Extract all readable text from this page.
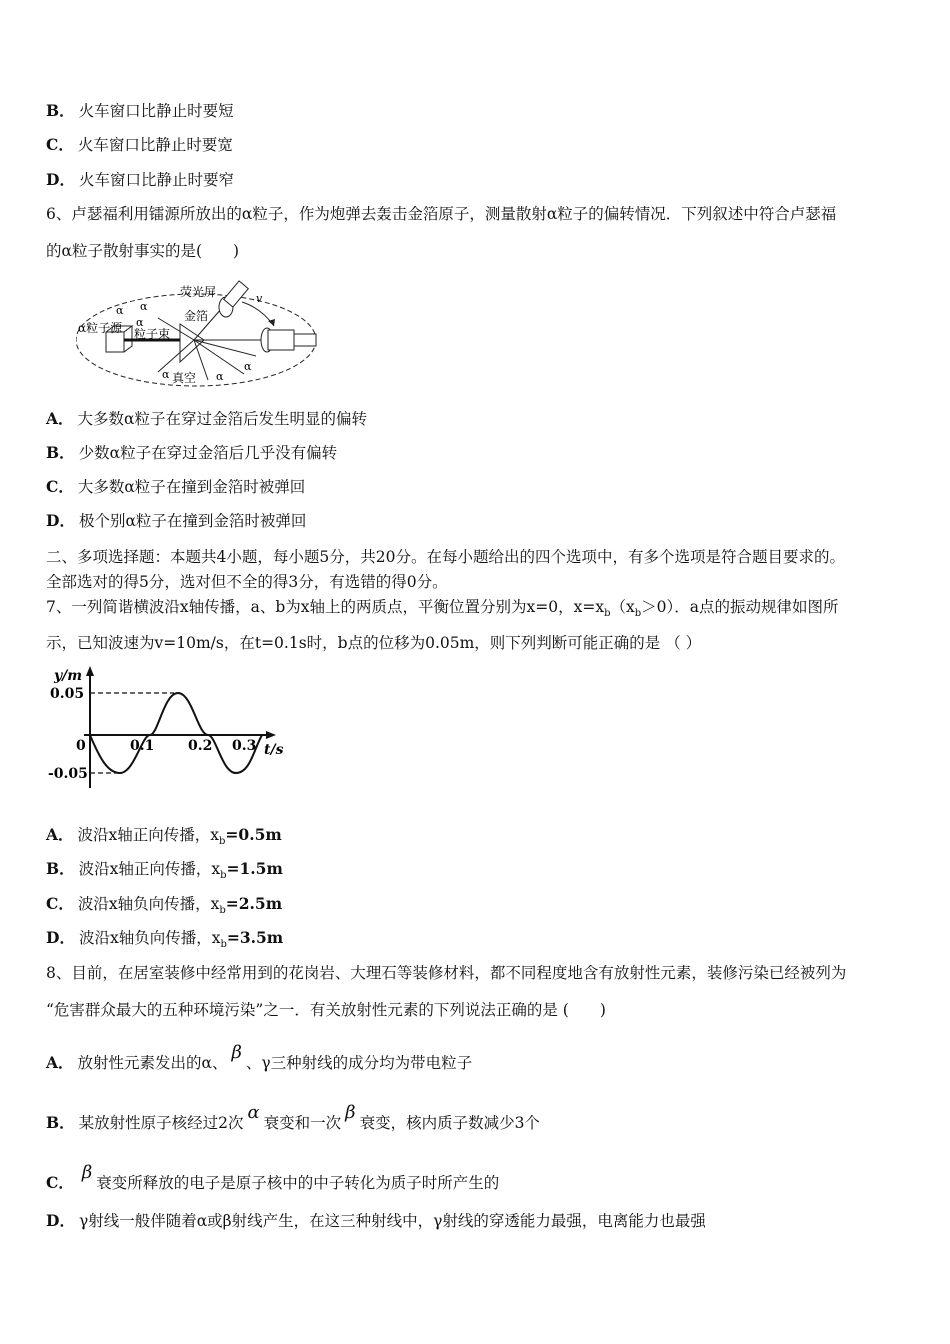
B． 火车窗口比静止时要短
C． 火车窗口比静止时要宽
D． 火车窗口比静止时要窄
6、卢瑟福利用镭源所放出的α粒子，作为炮弹去轰击金箔原子，测量散射α粒子的偏转情况．下列叙述中符合卢瑟福
的α粒子散射事实的是(　　)
荧光屏	v
金箔
α粒子源 粒子束
真空
α α
α
α	α
α
A． 大多数α粒子在穿过金箔后发生明显的偏转
B． 少数α粒子在穿过金箔后几乎没有偏转
C． 大多数α粒子在撞到金箔时被弹回
D． 极个别α粒子在撞到金箔时被弹回
二、多项选择题：本题共4小题，每小题5分，共20分。在每小题给出的四个选项中，有多个选项是符合题目要求的。
全部选对的得5分，选对但不全的得3分，有选错的得0分。
7、一列简谐横波沿x轴传播，a、b为x轴上的两质点，平衡位置分别为x=0，$x=x_b(x_b>0)$．a点的振动规律如图所
示，已知波速为v=10m/s，在t=0.1s时，b点的位移为0.05m，则下列判断可能正确的是 （ ）
y/m
0.05
-0.05
0	0.1 0.2 0.3 t/s
A． 波沿x轴正向传播，$x_b=0.5m$
B． 波沿x轴正向传播，$x_b=1.5m$
C． 波沿x轴负向传播，$x_b=2.5m$
D． 波沿x轴负向传播，$x_b=3.5m$
8、目前，在居室装修中经常用到的花岗岩、大理石等装修材料，都不同程度地含有放射性元素，装修污染已经被列为
“危害群众最大的五种环境污染”之一．有关放射性元素的下列说法正确的是 (　　)
A． 放射性元素发出的α、 β 、γ三种射线的成分均为带电粒子
B． 某放射性原子核经过2次 α 衰变和一次 β 衰变，核内质子数减少3个
C． β 衰变所释放的电子是原子核中的中子转化为质子时所产生的
D． γ射线一般伴随着α或β射线产生，在这三种射线中，γ射线的穿透能力最强，电离能力也最强
